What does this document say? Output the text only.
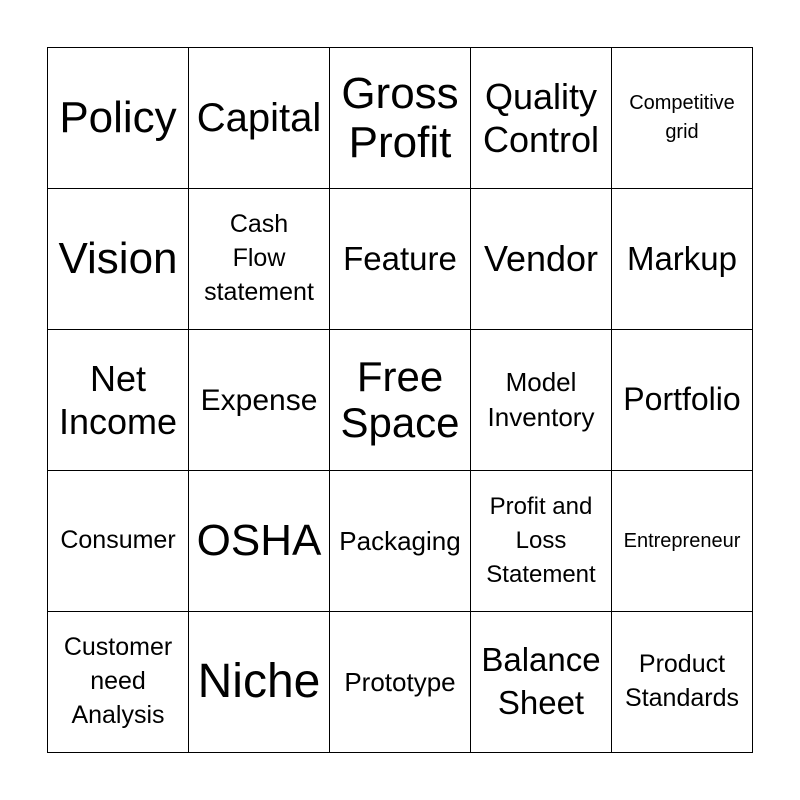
Policy Capital Gross
Profit
Quality
Control
Competitive
grid
Vision
Cash
Flow
statement
Feature Vendor Markup
Net
Income
Expense
Free
Space
Model
Inventory Portfolio
Consumer OSHA Packaging
Profit and
Loss
Statement
Entrepreneur
Customer
need
Analysis
Niche Prototype
Balance
Sheet
Product
Standards
